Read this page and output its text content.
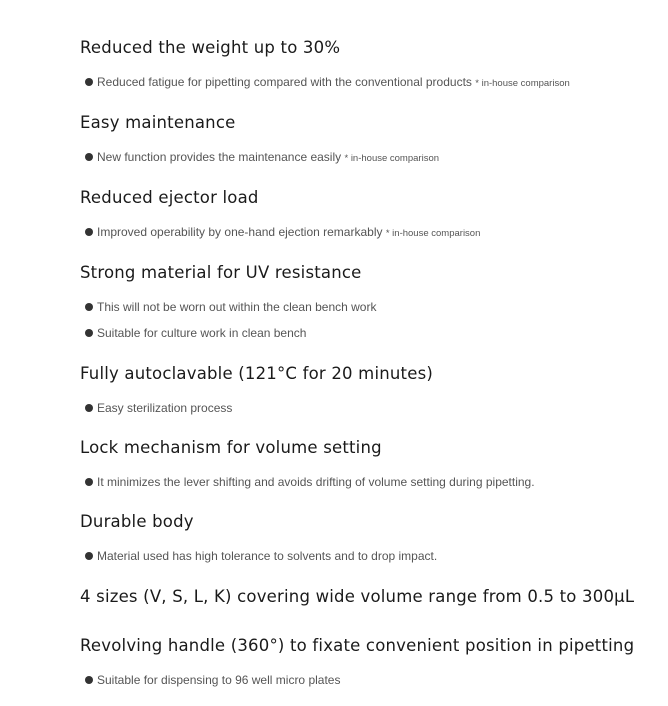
Reduced the weight up to 30%
Reduced fatigue for pipetting compared with the conventional products * in-house comparison
Easy maintenance
New function provides the maintenance easily * in-house comparison
Reduced ejector load
Improved operability by one-hand ejection remarkably * in-house comparison
Strong material for UV resistance
This will not be worn out within the clean bench work
Suitable for culture work in clean bench
Fully autoclavable (121°C for 20 minutes)
Easy sterilization process
Lock mechanism for volume setting
It minimizes the lever shifting and avoids drifting of volume setting during pipetting.
Durable body
Material used has high tolerance to solvents and to drop impact.
4 sizes (V, S, L, K) covering wide volume range from 0.5 to 300μL
Revolving handle (360°) to fixate convenient position in pipetting
Suitable for dispensing to 96 well micro plates
